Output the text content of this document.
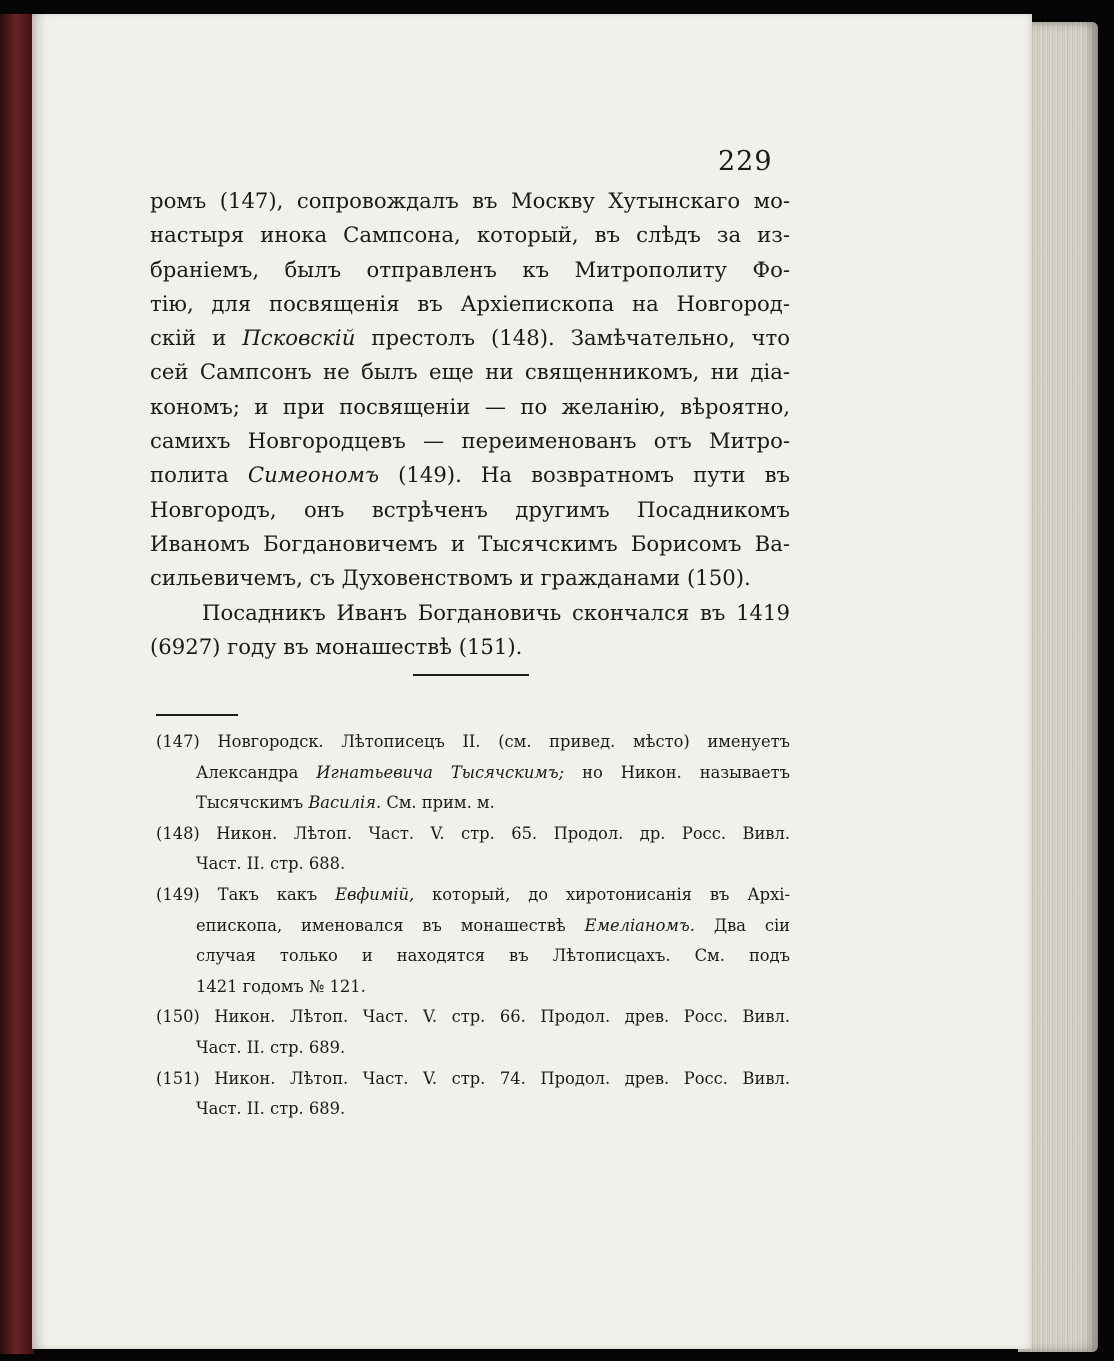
229
ромъ (147), сопровождалъ въ Москву Хутынскаго мо-
настыря инока Сампсона, который, въ слѣдъ за из-
браніемъ, былъ отправленъ къ Митрополиту Фо-
тію, для посвященія въ Архіепископа на Новгород-
скій и Псковскій престолъ (148). Замѣчательно, что
сей Сампсонъ не былъ еще ни священникомъ, ни діа-
кономъ; и при посвященіи — по желанію, вѣроятно,
самихъ Новгородцевъ — переименованъ отъ Митро-
полита Симеономъ (149). На возвратномъ пути въ
Новгородъ, онъ встрѣченъ другимъ Посадникомъ
Иваномъ Богдановичемъ и Тысячскимъ Борисомъ Ва-
сильевичемъ, съ Духовенствомъ и гражданами (150).
Посадникъ Иванъ Богдановичь скончался въ 1419
(6927) году въ монашествѣ (151).
(147) Новгородск. Лѣтописецъ II. (см. привед. мѣсто) именуетъ
Александра Игнатьевича Тысячскимъ; но Никон. называетъ
Тысячскимъ Василія. См. прим. м.
(148) Никон. Лѣтоп. Част. V. стр. 65. Продол. др. Росс. Вивл.
Част. II. стр. 688.
(149) Такъ какъ Евфимій, который, до хиротонисанія въ Архі-
епископа, именовался въ монашествѣ Емеліаномъ. Два сіи
случая только и находятся въ Лѣтописцахъ. См. подъ
1421 годомъ № 121.
(150) Никон. Лѣтоп. Част. V. стр. 66. Продол. древ. Росс. Вивл.
Част. II. стр. 689.
(151) Никон. Лѣтоп. Част. V. стр. 74. Продол. древ. Росс. Вивл.
Част. II. стр. 689.
